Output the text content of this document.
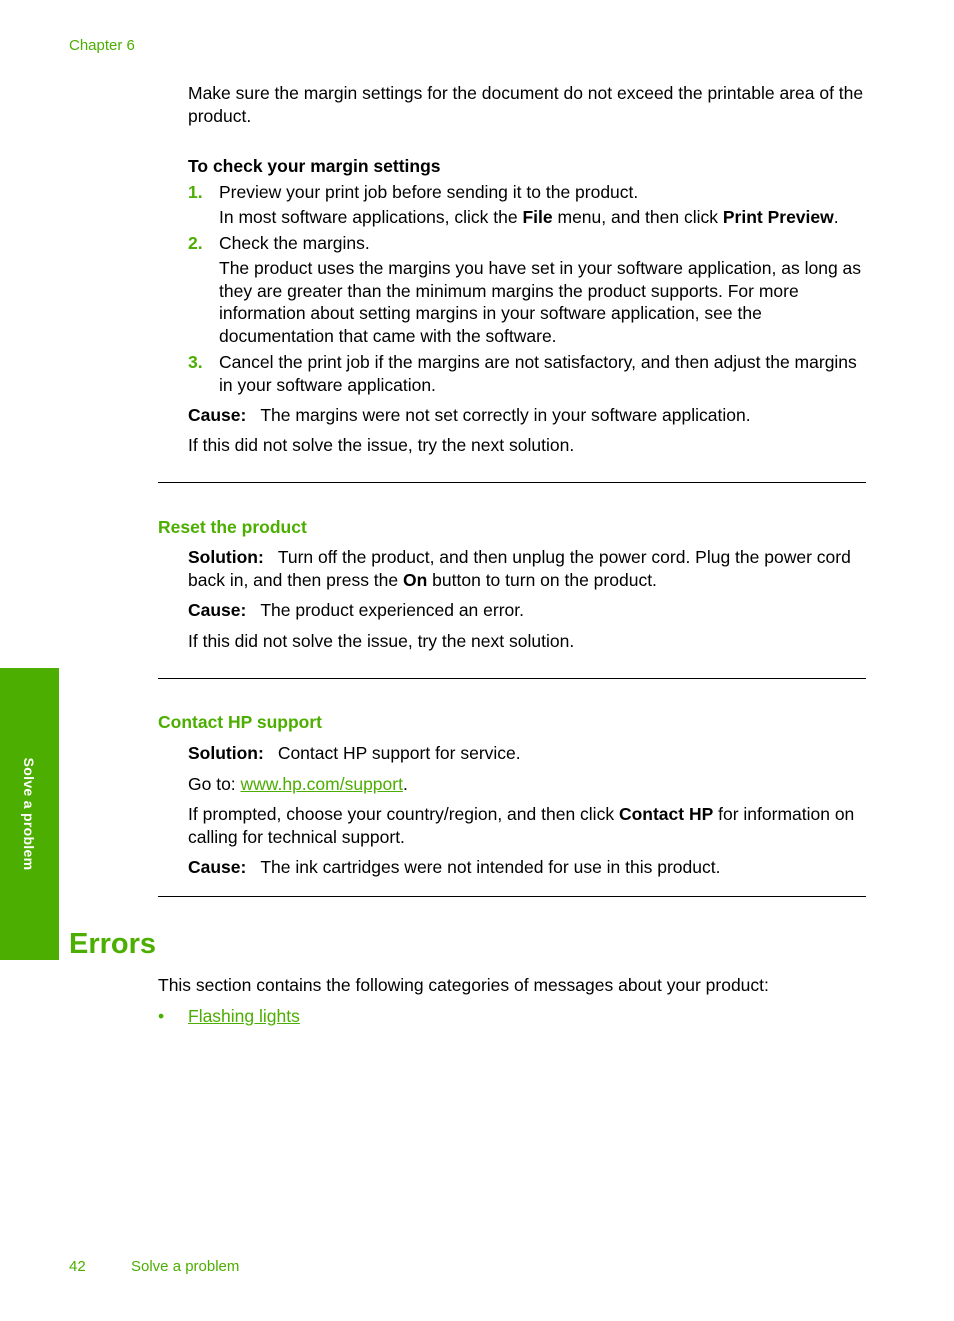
Chapter 6
Make sure the margin settings for the document do not exceed the printable area of the product.
To check your margin settings
1. Preview your print job before sending it to the product.
In most software applications, click the File menu, and then click Print Preview.
2. Check the margins.
The product uses the margins you have set in your software application, as long as they are greater than the minimum margins the product supports. For more information about setting margins in your software application, see the documentation that came with the software.
3. Cancel the print job if the margins are not satisfactory, and then adjust the margins in your software application.
Cause: The margins were not set correctly in your software application.
If this did not solve the issue, try the next solution.
Reset the product
Solution: Turn off the product, and then unplug the power cord. Plug the power cord back in, and then press the On button to turn on the product.
Cause: The product experienced an error.
If this did not solve the issue, try the next solution.
Contact HP support
Solution: Contact HP support for service.
Go to: www.hp.com/support.
If prompted, choose your country/region, and then click Contact HP for information on calling for technical support.
Cause: The ink cartridges were not intended for use in this product.
Solve a problem
Errors
This section contains the following categories of messages about your product:
• Flashing lights
42	Solve a problem
